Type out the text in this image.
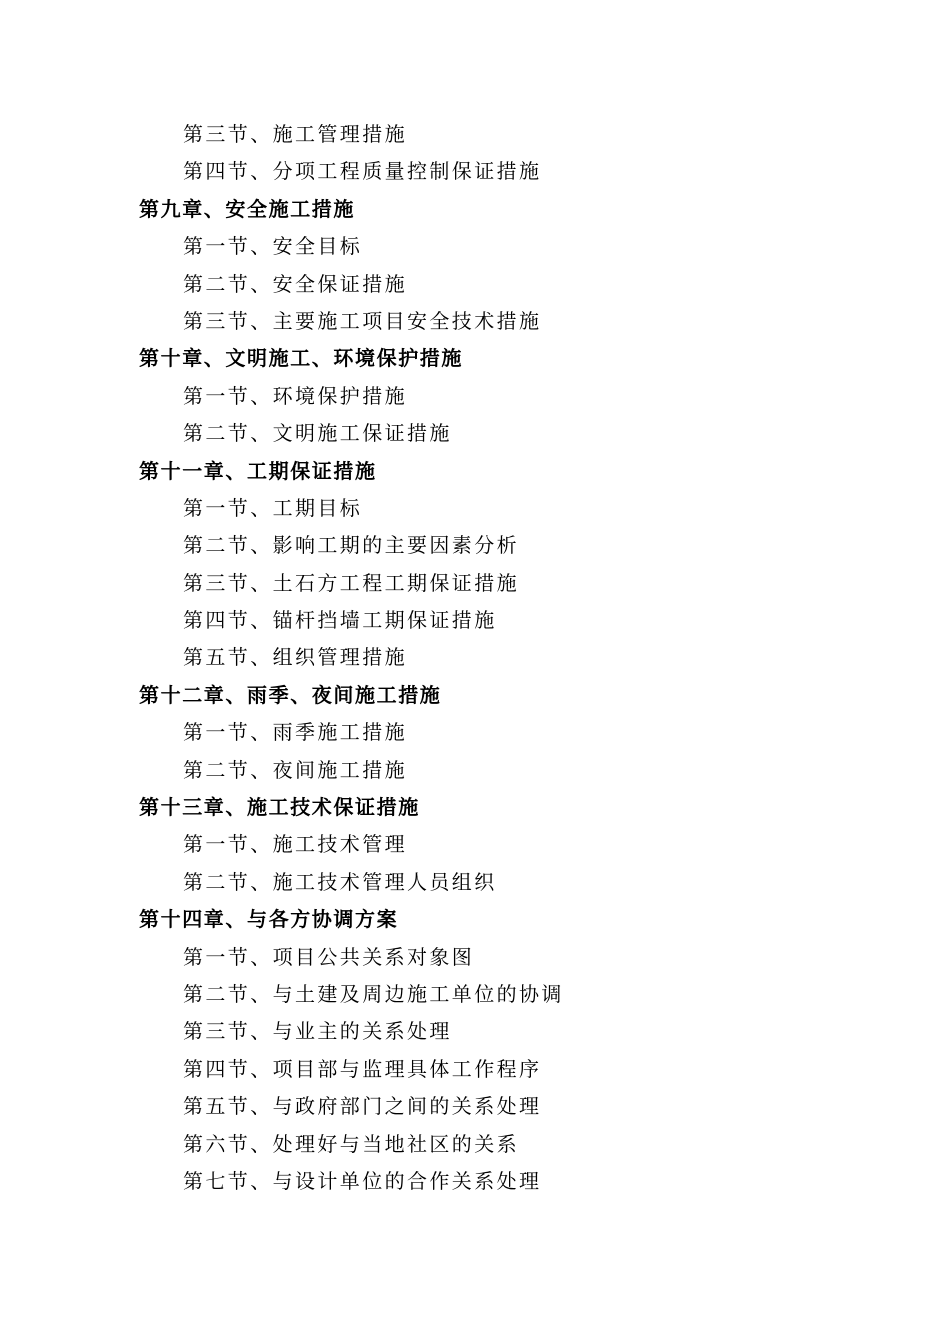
第三节、施工管理措施
第四节、分项工程质量控制保证措施
第九章、安全施工措施
第一节、安全目标
第二节、安全保证措施
第三节、主要施工项目安全技术措施
第十章、文明施工、环境保护措施
第一节、环境保护措施
第二节、文明施工保证措施
第十一章、工期保证措施
第一节、工期目标
第二节、影响工期的主要因素分析
第三节、土石方工程工期保证措施
第四节、锚杆挡墙工期保证措施
第五节、组织管理措施
第十二章、雨季、夜间施工措施
第一节、雨季施工措施
第二节、夜间施工措施
第十三章、施工技术保证措施
第一节、施工技术管理
第二节、施工技术管理人员组织
第十四章、与各方协调方案
第一节、项目公共关系对象图
第二节、与土建及周边施工单位的协调
第三节、与业主的关系处理
第四节、项目部与监理具体工作程序
第五节、与政府部门之间的关系处理
第六节、处理好与当地社区的关系
第七节、与设计单位的合作关系处理
